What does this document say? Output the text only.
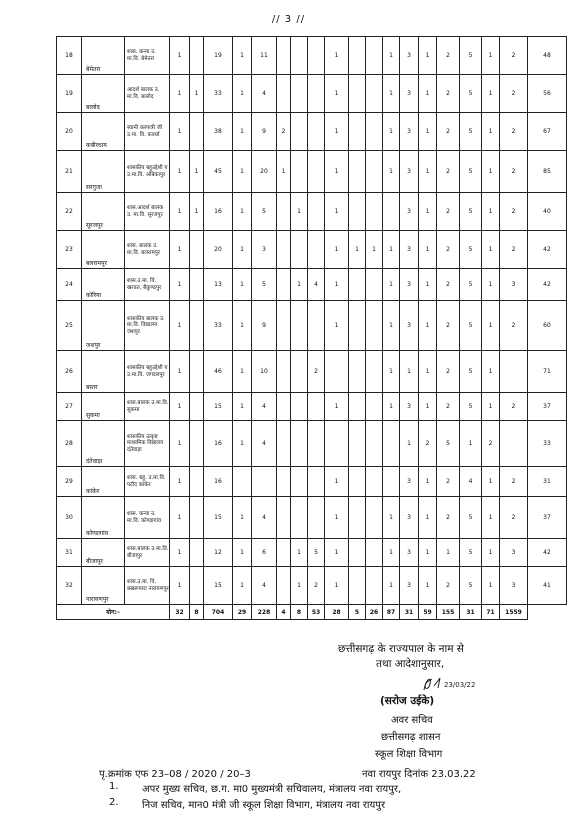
// 3 //
18	बेमेतरा	शास. कन्या उ. मा.वि. बेमेतरा	1		19	1	11				1			1	3	1	2	5	1	2	48
19	बालोद	आदर्श बालक उ. मा.वि. बालोद	1	1	33	1	4				1			1	3	1	2	5	1	2	56
20	कबीरधाम	स्वामी करपात्री जी उ.मा. वि. कवर्धा	1		38	1	9	2			1			1	3	1	2	5	1	2	67
21	सरगुजा	शासकीय बहुउद्देशी य उ.मा.वि. अंबिकापुर	1	1	45	1	20	1			1			1	3	1	2	5	1	2	85
22	सूरजपुर	शास.आदर्श बालक उ. मा.वि. सूरजपुर	1	1	16	1	5		1		1				3	1	2	5	1	2	40
23	बलरामपुर	शास. बालक उ. मा.वि. बलरामपुर	1		20	1	3				1	1	1	1	3	1	2	5	1	2	42
24	कोरिया	शास.उ.मा. वि. खरवत, बैकुण्ठपुर	1		13	1	5		1	4	1			1	3	1	2	5	1	3	42
25	जशपुर	शासकीय बालक उ. मा.वि. विद्यालय जशपुर	1		33	1	9				1			1	3	1	2	5	1	2	60
26	बस्तर	शासकीय बहुउद्देशी य उ.मा.वि. जगदलपुर	1		46	1	10			2				1	1	1	2	5	1		71
27	सुकमा	शास.बालक उ.मा.वि. सुकमा	1		15	1	4				1			1	3	1	2	5	1	2	37
28	दंतेवाड़ा	शासकीय उत्कृष्ट माध्यमिक विद्यालय दंतेवाड़ा	1		16	1	4								1	2	5	1	2		33
29	कांकेर	शास. बहु. उ.मा.वि. पटौद कांकेर	1		16						1				3	1	2	4	1	2	31
30	कोण्डागांव	शास. कन्या उ. मा.वि. कोण्डागांव	1		15	1	4				1			1	3	1	2	5	1	2	37
31	बीजापुर	शास.बालक उ.मा.वि. बीजापुर	1		12	1	6		1	5	1			1	3	1	1	5	1	3	42
32	नारायणपुर	शास.उ.मा. वि. बखरूपारा नारायणपुर	1		15	1	4		1	2	1			1	3	1	2	5	1	3	41
योग:–			32	8	704	29	228	4	8	53	28	5	26	87	31	59	155	31	71	1559	
छत्तीसगढ़ के राज्यपाल के नाम से
तथा आदेशानुसार,
23/03/22
(सरोज उईके)
अवर सचिव
छत्तीसगढ़ शासन
स्कूल शिक्षा विभाग
पृ.क्रमांक एफ 23–08 / 2020 / 20–3	नवा रायपुर दिनांक 23.03.22
1. अपर मुख्य सचिव, छ.ग. मा0 मुख्यमंत्री सचिवालय, मंत्रालय नवा रायपुर,
2. निज सचिव, मान0 मंत्री जी स्कूल शिक्षा विभाग, मंत्रालय नवा रायपुर
